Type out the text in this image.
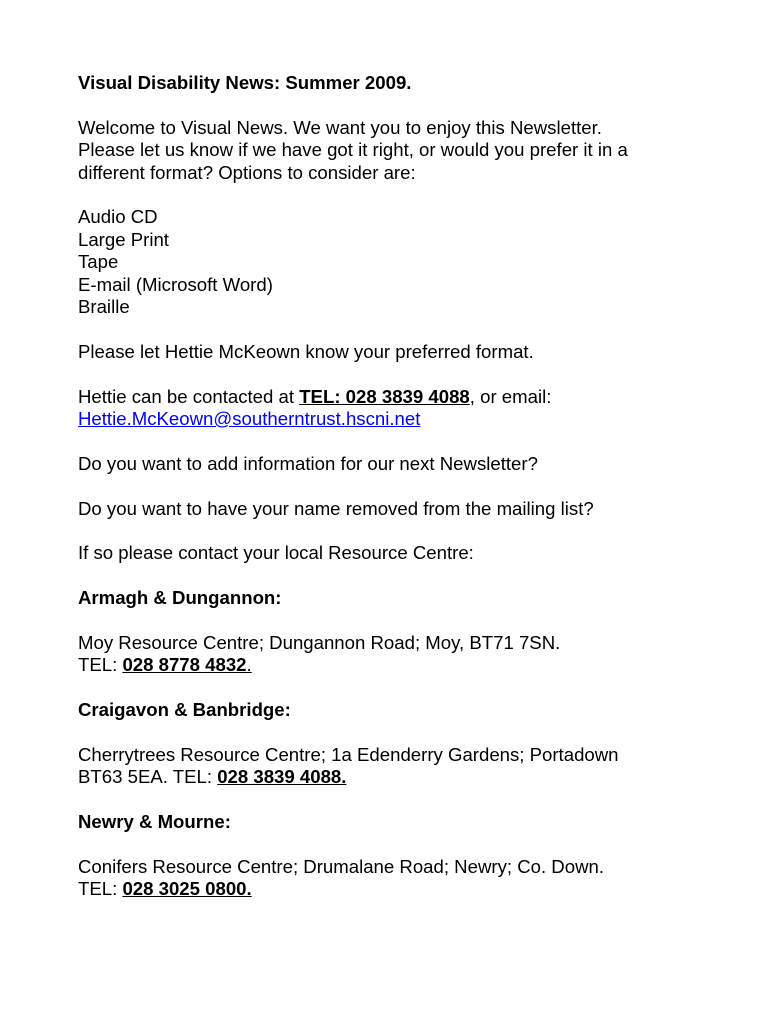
Visual Disability News: Summer 2009.

Welcome to Visual News. We want you to enjoy this Newsletter.
Please let us know if we have got it right, or would you prefer it in a
different format? Options to consider are:
Audio CD
Large Print
Tape
E-mail (Microsoft Word)
Braille

Please let Hettie McKeown know your preferred format.

Hettie can be contacted at TEL: 028 3839 4088, or email:
Hettie.McKeown@southerntrust.hscni.net

Do you want to add information for our next Newsletter?

Do you want to have your name removed from the mailing list?

If so please contact your local Resource Centre:

Armagh & Dungannon:

Moy Resource Centre; Dungannon Road; Moy, BT71 7SN.
TEL: 028 8778 4832.

Craigavon & Banbridge:

Cherrytrees Resource Centre; 1a Edenderry Gardens; Portadown
BT63 5EA. TEL: 028 3839 4088.

Newry & Mourne:

Conifers Resource Centre; Drumalane Road; Newry; Co. Down.
TEL: 028 3025 0800.
